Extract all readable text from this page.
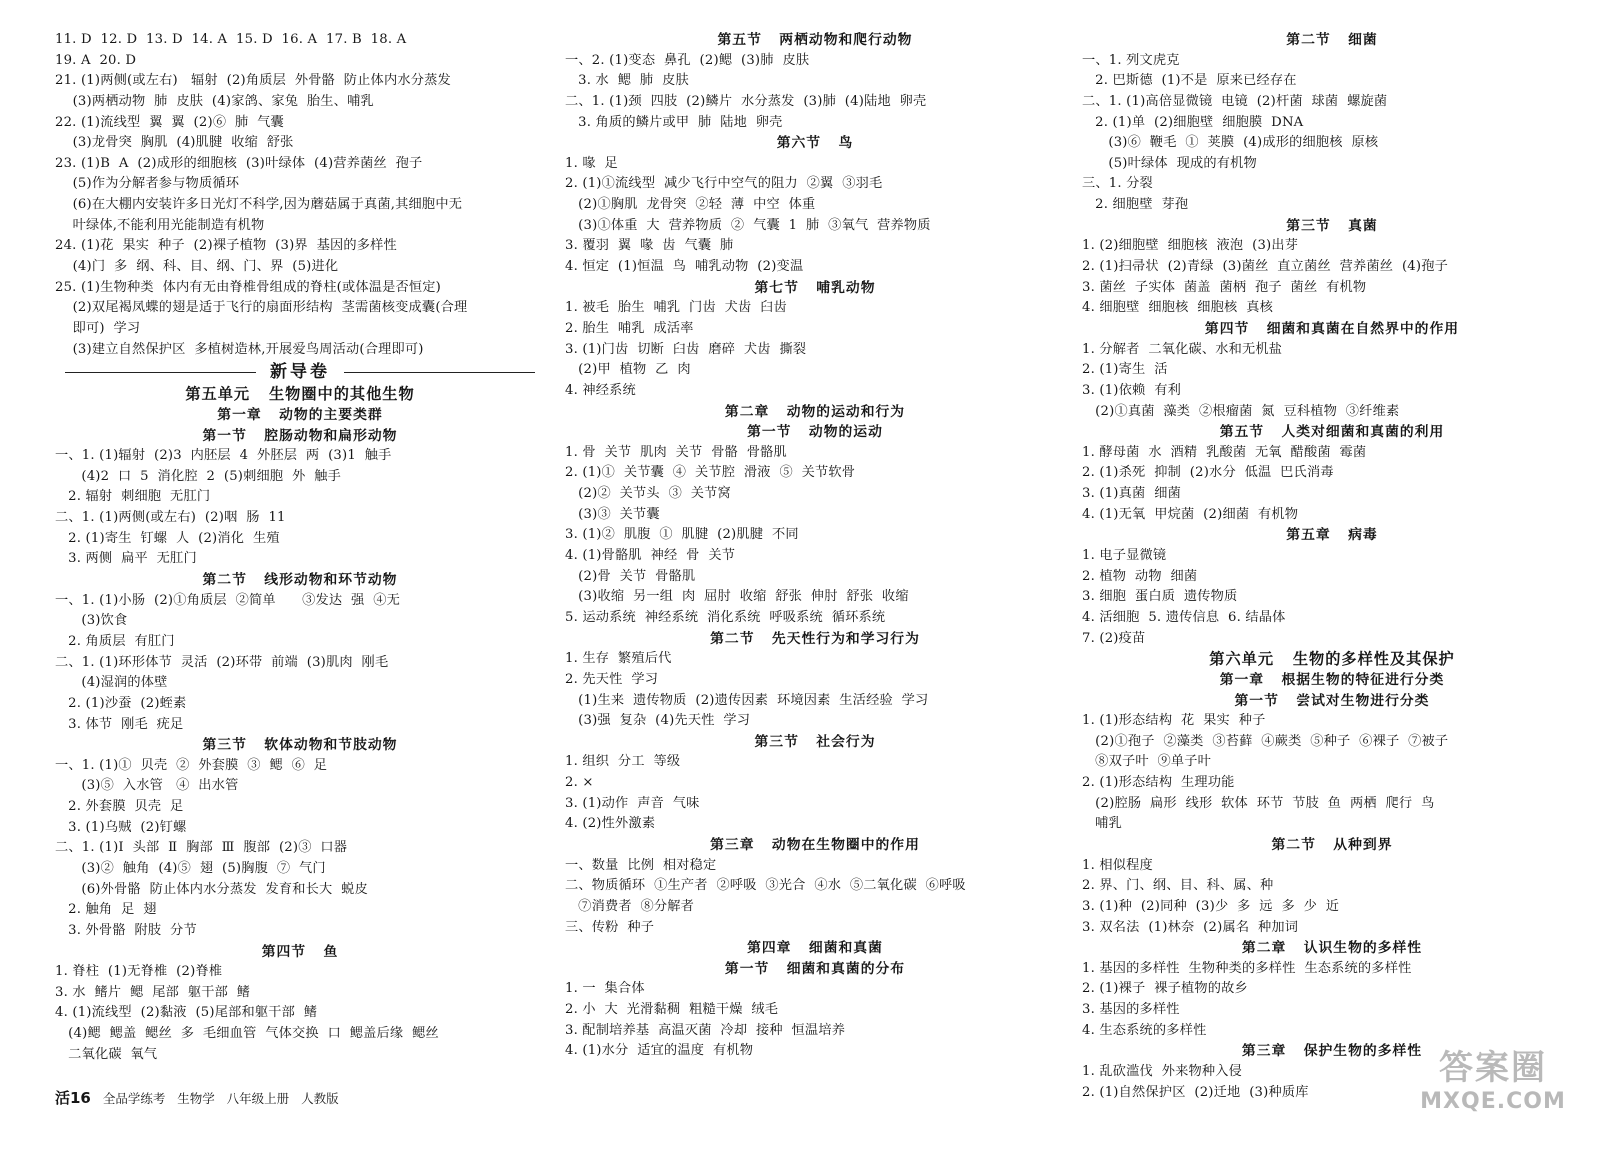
11. D  12. D  13. D  14. A  15. D  16. A  17. B  18. A
19. A  20. D
21. (1)两侧(或左右)   辐射  (2)角质层  外骨骼  防止体内水分蒸发
(3)两栖动物  肺  皮肤  (4)家鸽、家兔  胎生、哺乳
22. (1)流线型  翼  翼  (2)⑥  肺  气囊
(3)龙骨突  胸肌  (4)肌腱  收缩  舒张
23. (1)B  A  (2)成形的细胞核  (3)叶绿体  (4)营养菌丝  孢子
(5)作为分解者参与物质循环
(6)在大棚内安装许多日光灯不科学,因为蘑菇属于真菌,其细胞中无
叶绿体,不能利用光能制造有机物
24. (1)花  果实  种子  (2)裸子植物  (3)界  基因的多样性
(4)门  多  纲、科、目、纲、门、界  (5)进化
25. (1)生物种类  体内有无由脊椎骨组成的脊柱(或体温是否恒定)
(2)双尾褐凤蝶的翅是适于飞行的扇面形结构  茎需菌核变成囊(合理
即可)  学习
(3)建立自然保护区  多植树造林,开展爱鸟周活动(合理即可)
新导卷
第五单元   生物圈中的其他生物
第一章   动物的主要类群
第一节   腔肠动物和扁形动物
一、1. (1)辐射  (2)3  内胚层  4  外胚层  两  (3)1  触手
(4)2  口  5  消化腔  2  (5)刺细胞  外  触手
2. 辐射  刺细胞  无肛门
二、1. (1)两侧(或左右)  (2)咽  肠  11
2. (1)寄生  钉螺  人  (2)消化  生殖
3. 两侧  扁平  无肛门
第二节   线形动物和环节动物
一、1. (1)小肠  (2)①角质层  ②简单      ③发达  强  ④无
(3)饮食
2. 角质层  有肛门
二、1. (1)环形体节  灵活  (2)环带  前端  (3)肌肉  刚毛
(4)湿润的体壁
2. (1)沙蚕  (2)蛭素
3. 体节  刚毛  疣足
第三节   软体动物和节肢动物
一、1. (1)①  贝壳  ②  外套膜  ③  鳃  ⑥  足
(3)⑤  入水管   ④  出水管
2. 外套膜  贝壳  足
3. (1)乌贼  (2)钉螺
二、1. (1)Ⅰ  头部  Ⅱ  胸部  Ⅲ  腹部  (2)③  口器
(3)②  触角  (4)⑤  翅  (5)胸腹  ⑦  气门
(6)外骨骼  防止体内水分蒸发  发育和长大  蜕皮
2. 触角  足  翅
3. 外骨骼  附肢  分节
第四节   鱼
1. 脊柱  (1)无脊椎  (2)脊椎
3. 水  鳍片  鳃  尾部  躯干部  鳍
4. (1)流线型  (2)黏液  (5)尾部和躯干部  鳍
(4)鳃  鳃盖  鳃丝  多  毛细血管  气体交换  口  鳃盖后缘  鳃丝
二氧化碳  氧气
第五节   两栖动物和爬行动物
一、2. (1)变态  鼻孔  (2)鳃  (3)肺  皮肤
3. 水  鳃  肺  皮肤
二、1. (1)颈  四肢  (2)鳞片  水分蒸发  (3)肺  (4)陆地  卵壳
3. 角质的鳞片或甲  肺  陆地  卵壳
第六节   鸟
1. 喙  足
2. (1)①流线型  减少飞行中空气的阻力  ②翼  ③羽毛
(2)①胸肌  龙骨突  ②轻  薄  中空  体重
(3)①体重  大  营养物质  ②  气囊  1  肺  ③氧气  营养物质
3. 覆羽  翼  喙  齿  气囊  肺
4. 恒定  (1)恒温  鸟  哺乳动物  (2)变温
第七节   哺乳动物
1. 被毛  胎生  哺乳  门齿  犬齿  臼齿
2. 胎生  哺乳  成活率
3. (1)门齿  切断  臼齿  磨碎  犬齿  撕裂
(2)甲  植物  乙  肉
4. 神经系统
第二章   动物的运动和行为
第一节   动物的运动
1. 骨  关节  肌肉  关节  骨骼  骨骼肌
2. (1)①  关节囊  ④  关节腔  滑液  ⑤  关节软骨
(2)②  关节头  ③  关节窝
(3)③  关节囊
3. (1)②  肌腹  ①  肌腱  (2)肌腱  不同
4. (1)骨骼肌  神经  骨  关节
(2)骨  关节  骨骼肌
(3)收缩  另一组  肉  屈肘  收缩  舒张  伸肘  舒张  收缩
5. 运动系统  神经系统  消化系统  呼吸系统  循环系统
第二节   先天性行为和学习行为
1. 生存  繁殖后代
2. 先天性  学习
(1)生来  遗传物质  (2)遗传因素  环境因素  生活经验  学习
(3)强  复杂  (4)先天性  学习
第三节   社会行为
1. 组织  分工  等级
2. ×
3. (1)动作  声音  气味
4. (2)性外激素
第三章   动物在生物圈中的作用
一、数量  比例  相对稳定
二、物质循环  ①生产者  ②呼吸  ③光合  ④水  ⑤二氧化碳  ⑥呼吸
⑦消费者  ⑧分解者
三、传粉  种子
第四章   细菌和真菌
第一节   细菌和真菌的分布
1. 一  集合体
2. 小  大  光滑黏稠  粗糙干燥  绒毛
3. 配制培养基  高温灭菌  冷却  接种  恒温培养
4. (1)水分  适宜的温度  有机物
第二节   细菌
一、1. 列文虎克
2. 巴斯德  (1)不是  原来已经存在
二、1. (1)高倍显微镜  电镜  (2)杆菌  球菌  螺旋菌
2. (1)单  (2)细胞壁  细胞膜  DNA
(3)⑥  鞭毛  ①  荚膜  (4)成形的细胞核  原核
(5)叶绿体  现成的有机物
三、1. 分裂
2. 细胞壁  芽孢
第三节   真菌
1. (2)细胞壁  细胞核  液泡  (3)出芽
2. (1)扫帚状  (2)青绿  (3)菌丝  直立菌丝  营养菌丝  (4)孢子
3. 菌丝  子实体  菌盖  菌柄  孢子  菌丝  有机物
4. 细胞壁  细胞核  细胞核  真核
第四节   细菌和真菌在自然界中的作用
1. 分解者  二氧化碳、水和无机盐
2. (1)寄生  活
3. (1)依赖  有利
(2)①真菌  藻类  ②根瘤菌  氮  豆科植物  ③纤维素
第五节   人类对细菌和真菌的利用
1. 酵母菌  水  酒精  乳酸菌  无氧  醋酸菌  霉菌
2. (1)杀死  抑制  (2)水分  低温  巴氏消毒
3. (1)真菌  细菌
4. (1)无氧  甲烷菌  (2)细菌  有机物
第五章   病毒
1. 电子显微镜
2. 植物  动物  细菌
3. 细胞  蛋白质  遗传物质
4. 活细胞  5. 遗传信息  6. 结晶体
7. (2)疫苗
第六单元   生物的多样性及其保护
第一章   根据生物的特征进行分类
第一节   尝试对生物进行分类
1. (1)形态结构  花  果实  种子
(2)①孢子  ②藻类  ③苔藓  ④蕨类  ⑤种子  ⑥裸子  ⑦被子
⑧双子叶  ⑨单子叶
2. (1)形态结构  生理功能
(2)腔肠  扁形  线形  软体  环节  节肢  鱼  两栖  爬行  鸟
哺乳
第二节   从种到界
1. 相似程度
2. 界、门、纲、目、科、属、种
3. (1)种  (2)同种  (3)少  多  远  多  少  近
3. 双名法  (1)林奈  (2)属名  种加词
第二章   认识生物的多样性
1. 基因的多样性  生物种类的多样性  生态系统的多样性
2. (1)裸子  裸子植物的故乡
3. 基因的多样性
4. 生态系统的多样性
第三章   保护生物的多样性
1. 乱砍滥伐  外来物种入侵
2. (1)自然保护区  (2)迁地  (3)种质库
活16  全品学练考   生物学   八年级上册   人教版
答案圈
MXQE.COM
